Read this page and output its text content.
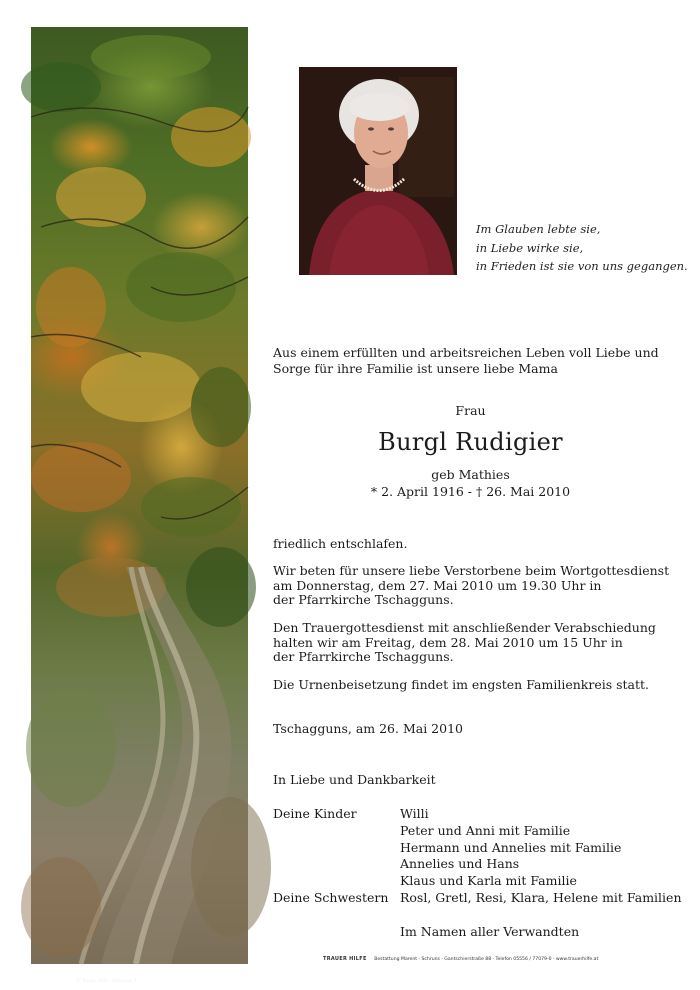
© Trauer Hilfe · Waldweg 1
Im Glauben lebte sie,
in Liebe wirke sie,
in Frieden ist sie von uns gegangen.
Aus einem erfüllten und arbeitsreichen Leben voll Liebe und
Sorge für ihre Familie ist unsere liebe Mama
Frau
Burgl Rudigier
geb Mathies
* 2. April 1916 - † 26. Mai 2010
friedlich entschlafen.
Wir beten für unsere liebe Verstorbene beim Wortgottesdienst
am Donnerstag, dem 27. Mai 2010 um 19.30 Uhr in
der Pfarrkirche Tschagguns.
Den Trauergottesdienst mit anschließender Verabschiedung
halten wir am Freitag, dem 28. Mai 2010 um 15 Uhr in
der Pfarrkirche Tschagguns.
Die Urnenbeisetzung findet im engsten Familienkreis statt.
Tschagguns, am 26. Mai 2010
In Liebe und Dankbarkeit
Deine Kinder	Willi
Peter und Anni mit Familie
Hermann und Annelies mit Familie
Annelies und Hans
Klaus und Karla mit Familie
Deine Schwestern Rosl, Gretl, Resi, Klara, Helene mit Familien
Im Namen aller Verwandten
TRAUER HILFE Bestattung Marent · Schruns · Gantschierstraße 88 · Telefon 05556 / 77079-0 · www.trauerhilfe.at
